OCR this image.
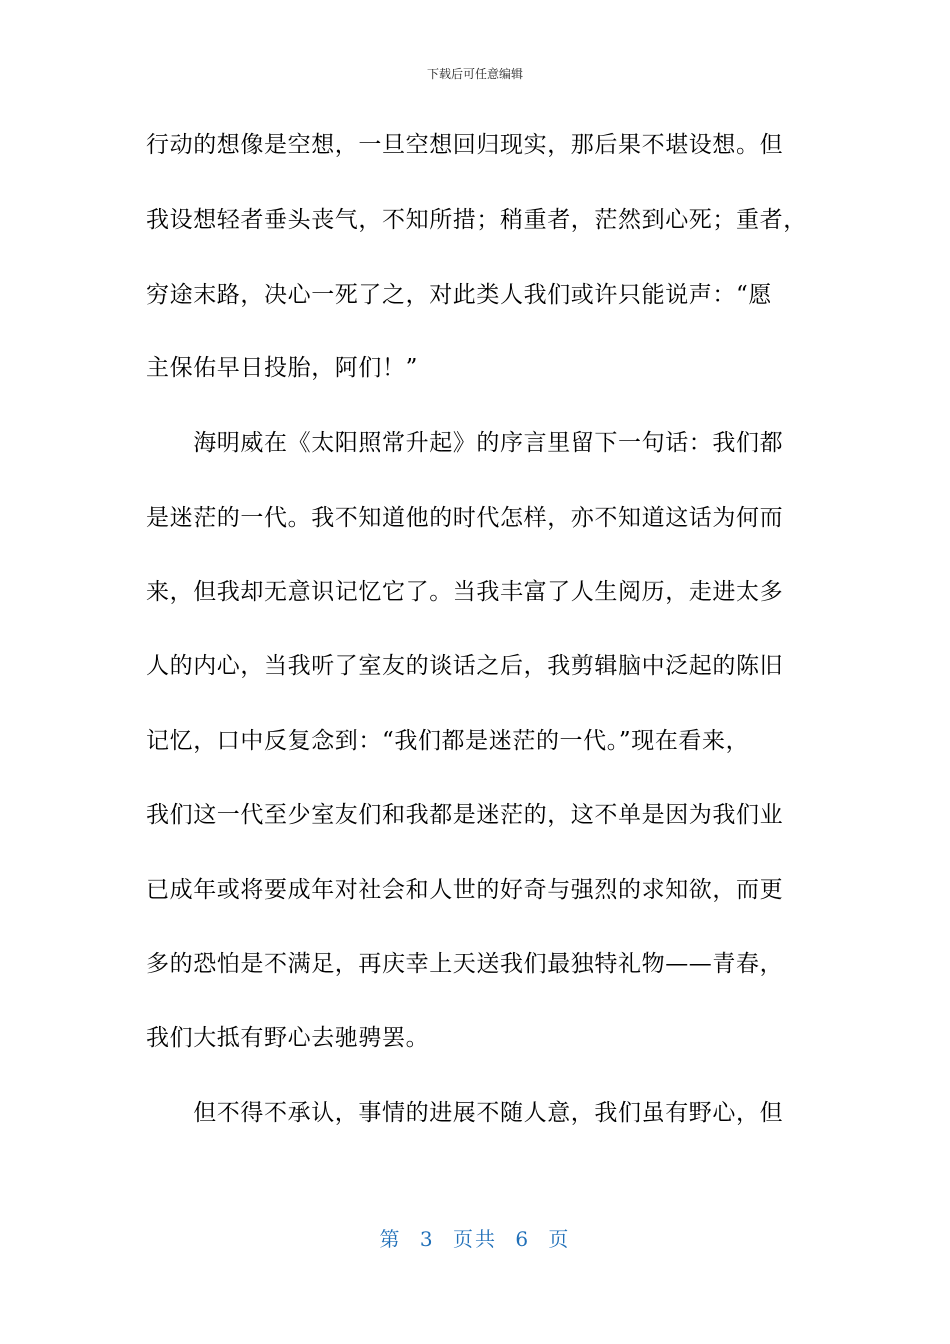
下载后可任意编辑
行动的想像是空想，一旦空想回归现实，那后果不堪设想。但
我设想轻者垂头丧气，不知所措；稍重者，茫然到心死；重者，
穷途末路，决心一死了之，对此类人我们或许只能说声：“愿
主保佑早日投胎，阿们！”
　　海明威在《太阳照常升起》的序言里留下一句话：我们都
是迷茫的一代。我不知道他的时代怎样，亦不知道这话为何而
来，但我却无意识记忆它了。当我丰富了人生阅历，走进太多
人的内心，当我听了室友的谈话之后，我剪辑脑中泛起的陈旧
记忆，口中反复念到：“我们都是迷茫的一代。”现在看来，
我们这一代至少室友们和我都是迷茫的，这不单是因为我们业
已成年或将要成年对社会和人世的好奇与强烈的求知欲，而更
多的恐怕是不满足，再庆幸上天送我们最独特礼物——青春，
我们大抵有野心去驰骋罢。
　　但不得不承认，事情的进展不随人意，我们虽有野心，但
第 3 页共 6 页
